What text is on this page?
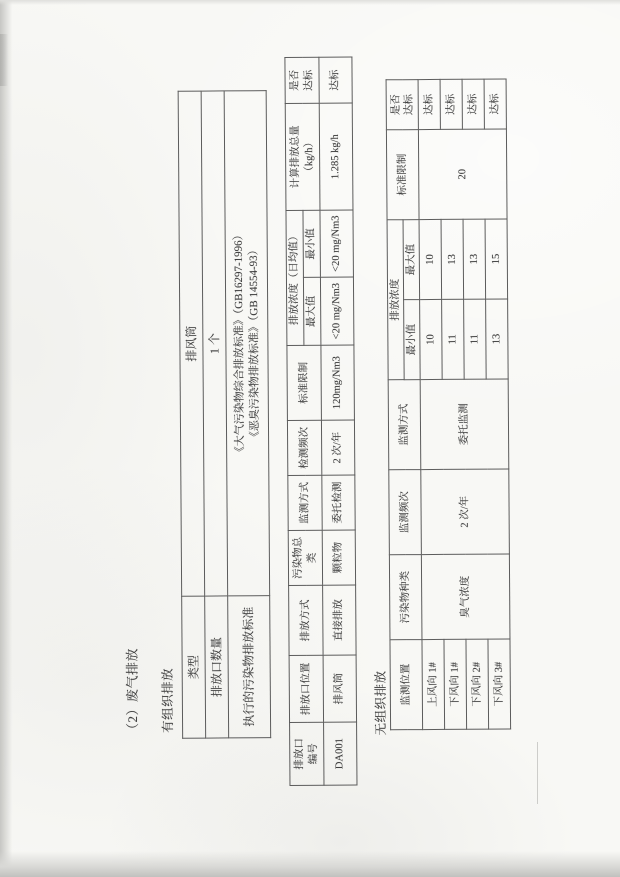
（2）废气排放 有组织排放
类型	排风筒
排放口数量	1 个
执行的污染物排放标准	《大气污染物综合排放标准》（GB16297-1996） 《恶臭污染物排放标准》（GB 14554-93）
排放口编号	排放口位置	排放方式	污染物总类	监测方式	检测频次	标准限制	排放浓度（日均值）		计算排放总量（kg/h）	是否达标
							最大值	最小值		
DA001	排风筒	直接排放	颗粒物	委托检测	2 次/年	120mg/Nm3	<20 mg/Nm3	<20 mg/Nm3	1.285 kg/h	达标
无组织排放 监测位置	污染物种类	监测频次	监测方式	排放浓度		标准限制	是否达标
				最小值	最大值		
上风向 1#	臭气浓度	2 次/年	委托监测	10	10	20	达标
下风向 1#				11	13		达标
下风向 2#				11	13		达标
下风向 3#				13	15		达标
